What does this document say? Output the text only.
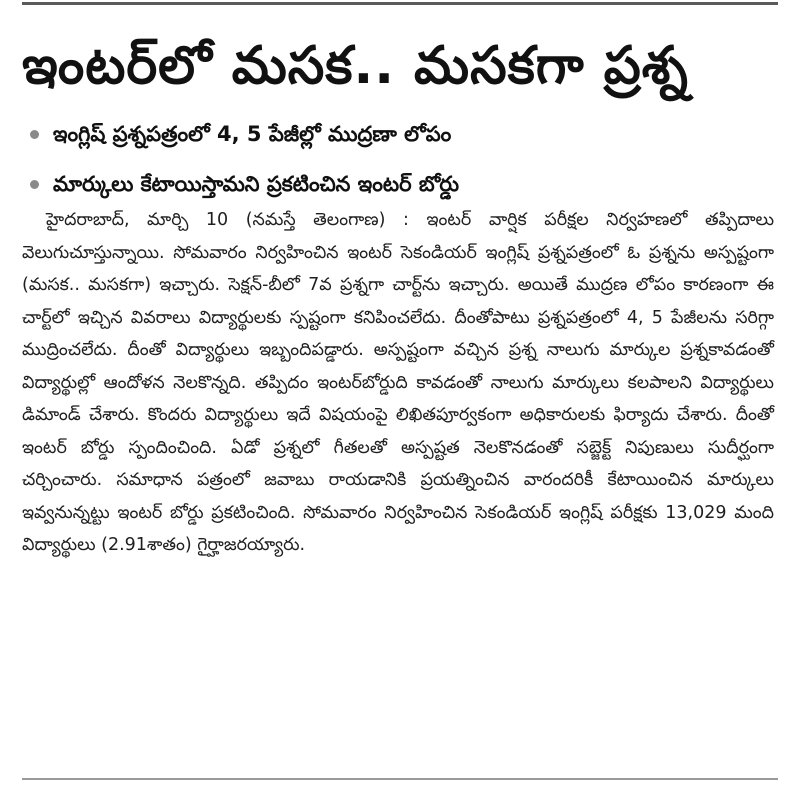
ఇంటర్‌లో మసక.. మసకగా ప్రశ్న
ఇంగ్లిష్‌ ప్రశ్నపత్రంలో 4, 5 పేజీల్లో ముద్రణా లోపం
మార్కులు కేటాయిస్తామని ప్రకటించిన ఇంటర్‌ బోర్డు

హైదరాబాద్‌, మార్చి 10 (నమస్తే తెలంగాణ) : ఇంటర్‌ వార్షిక పరీక్షల నిర్వహణలో తప్పిదాలు వెలుగుచూస్తున్నాయి. సోమవారం నిర్వహించిన ఇంటర్‌ సెకండియర్‌ ఇంగ్లిష్‌ ప్రశ్నపత్రంలో ఓ ప్రశ్నను అస్పష్టంగా (మసక.. మసకగా) ఇచ్చారు. సెక్షన్‌-బీలో 7వ ప్రశ్నగా చార్ట్‌ను ఇచ్చారు. అయితే ముద్రణ లోపం కారణంగా ఈ చార్ట్‌లో ఇచ్చిన వివరాలు విద్యార్థులకు స్పష్టంగా కనిపించలేదు. దీంతోపాటు ప్రశ్నపత్రంలో 4, 5 పేజీలను సరిగ్గా ముద్రించలేదు. దీంతో విద్యార్థులు ఇబ్బందిపడ్డారు. అస్పష్టంగా వచ్చిన ప్రశ్న నాలుగు మార్కుల ప్రశ్నకావడంతో విద్యార్థుల్లో ఆందోళన నెలకొన్నది. తప్పిదం ఇంటర్‌బోర్డుది కావడంతో నాలుగు మార్కులు కలపాలని విద్యార్థులు డిమాండ్‌ చేశారు. కొందరు విద్యార్థులు ఇదే విషయంపై లిఖితపూర్వకంగా అధికారులకు ఫిర్యాదు చేశారు. దీంతో ఇంటర్‌ బోర్డు స్పందించింది. ఏడో ప్రశ్నలో గీతలతో అస్పష్టత నెలకొనడంతో సబ్జెక్ట్‌ నిపుణులు సుదీర్ఘంగా చర్చించారు. సమాధాన పత్రంలో జవాబు రాయడానికి ప్రయత్నించిన వారందరికీ కేటాయించిన మార్కులు ఇవ్వనున్నట్టు ఇంటర్‌ బోర్డు ప్రకటించింది. సోమవారం నిర్వహించిన సెకండియర్‌ ఇంగ్లిష్‌ పరీక్షకు 13,029 మంది విద్యార్థులు (2.91శాతం) గైర్హాజరయ్యారు.
